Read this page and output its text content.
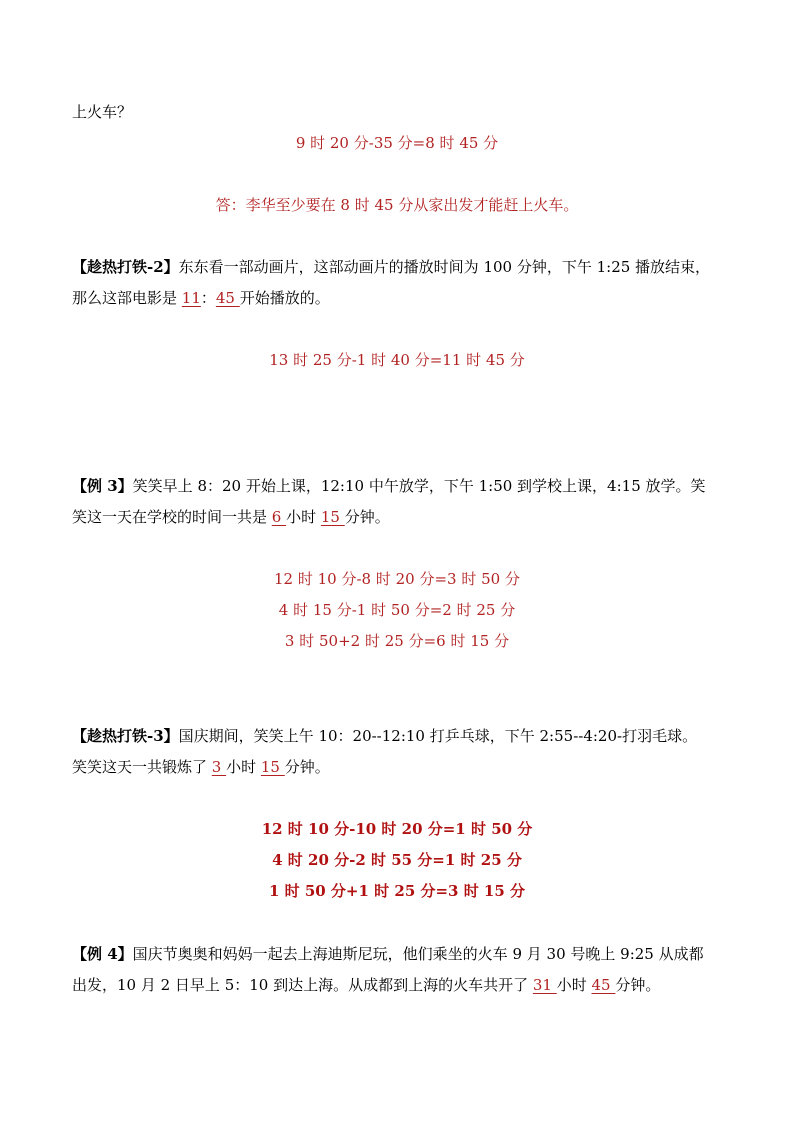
上火车？
9 时 20 分-35 分=8 时 45 分
答：李华至少要在 8 时 45 分从家出发才能赶上火车。
【趁热打铁-2】东东看一部动画片，这部动画片的播放时间为 100 分钟，下午 1:25 播放结束，
那么这部电影是 11：45 开始播放的。
13 时 25 分-1 时 40 分=11 时 45 分
【例 3】笑笑早上 8：20 开始上课，12:10 中午放学，下午 1:50 到学校上课，4:15 放学。笑
笑这一天在学校的时间一共是 6 小时 15 分钟。
12 时 10 分-8 时 20 分=3 时 50 分
4 时 15 分-1 时 50 分=2 时 25 分
3 时 50+2 时 25 分=6 时 15 分
【趁热打铁-3】国庆期间，笑笑上午 10：20--12:10 打乒乓球，下午 2:55--4:20-打羽毛球。
笑笑这天一共锻炼了 3 小时 15 分钟。
12 时 10 分-10 时 20 分=1 时 50 分
4 时 20 分-2 时 55 分=1 时 25 分
1 时 50 分+1 时 25 分=3 时 15 分
【例 4】国庆节奥奥和妈妈一起去上海迪斯尼玩，他们乘坐的火车 9 月 30 号晚上 9:25 从成都
出发，10 月 2 日早上 5：10 到达上海。从成都到上海的火车共开了 31 小时 45 分钟。
